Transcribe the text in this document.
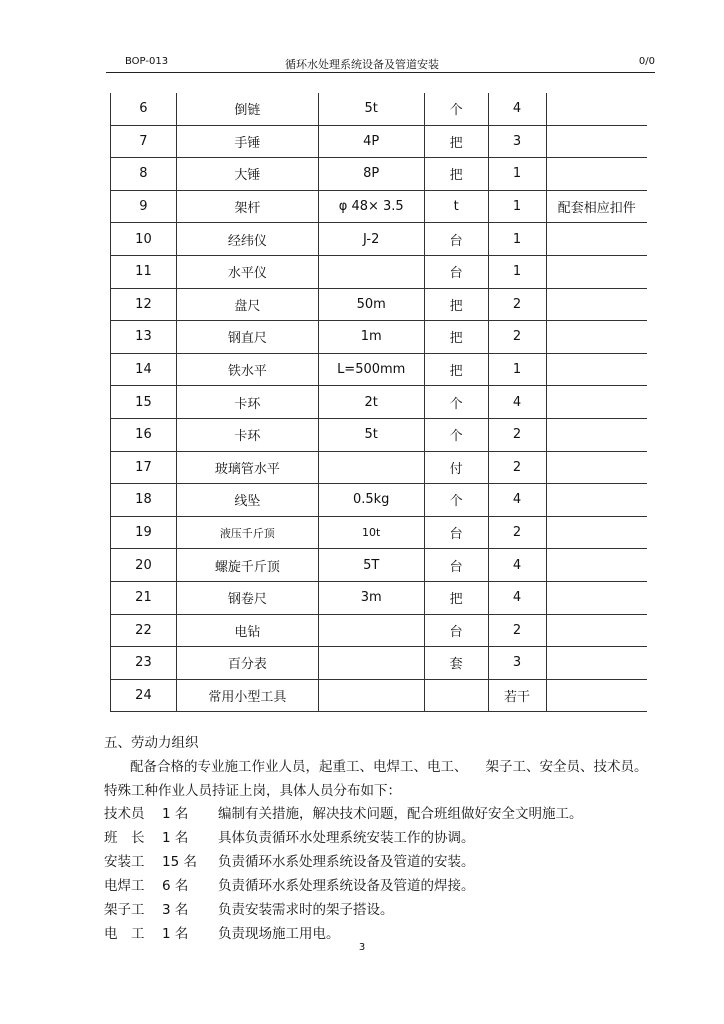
BOP-013	循环水处理系统设备及管道安装	0/0
6	倒链	5t	个	4	
7	手锤	4P	把	3	
8	大锤	8P	把	1	
9	架杆	φ 48× 3.5	t	1	配套相应扣件
10	经纬仪	J-2	台	1	
11	水平仪		台	1	
12	盘尺	50m	把	2	
13	钢直尺	1m	把	2	
14	铁水平	L=500mm	把	1	
15	卡环	2t	个	4	
16	卡环	5t	个	2	
17	玻璃管水平		付	2	
18	线坠	0.5kg	个	4	
19	液压千斤顶	10t	台	2	
20	螺旋千斤顶	5T	台	4	
21	钢卷尺	3m	把	4	
22	电钻		台	2	
23	百分表		套	3	
24	常用小型工具			若干	
五、劳动力组织
配备合格的专业施工作业人员，起重工、电焊工、电工、 架子工、安全员、技术员。
特殊工种作业人员持证上岗，具体人员分布如下：
技术员 1 名 编制有关措施，解决技术问题，配合班组做好安全文明施工。
班　长 1 名 具体负责循环水处理系统安装工作的协调。
安装工 15 名 负责循环水系处理系统设备及管道的安装。
电焊工 6 名 负责循环水系处理系统设备及管道的焊接。
架子工 3 名 负责安装需求时的架子搭设。
电　工 1 名 负责现场施工用电。
3
